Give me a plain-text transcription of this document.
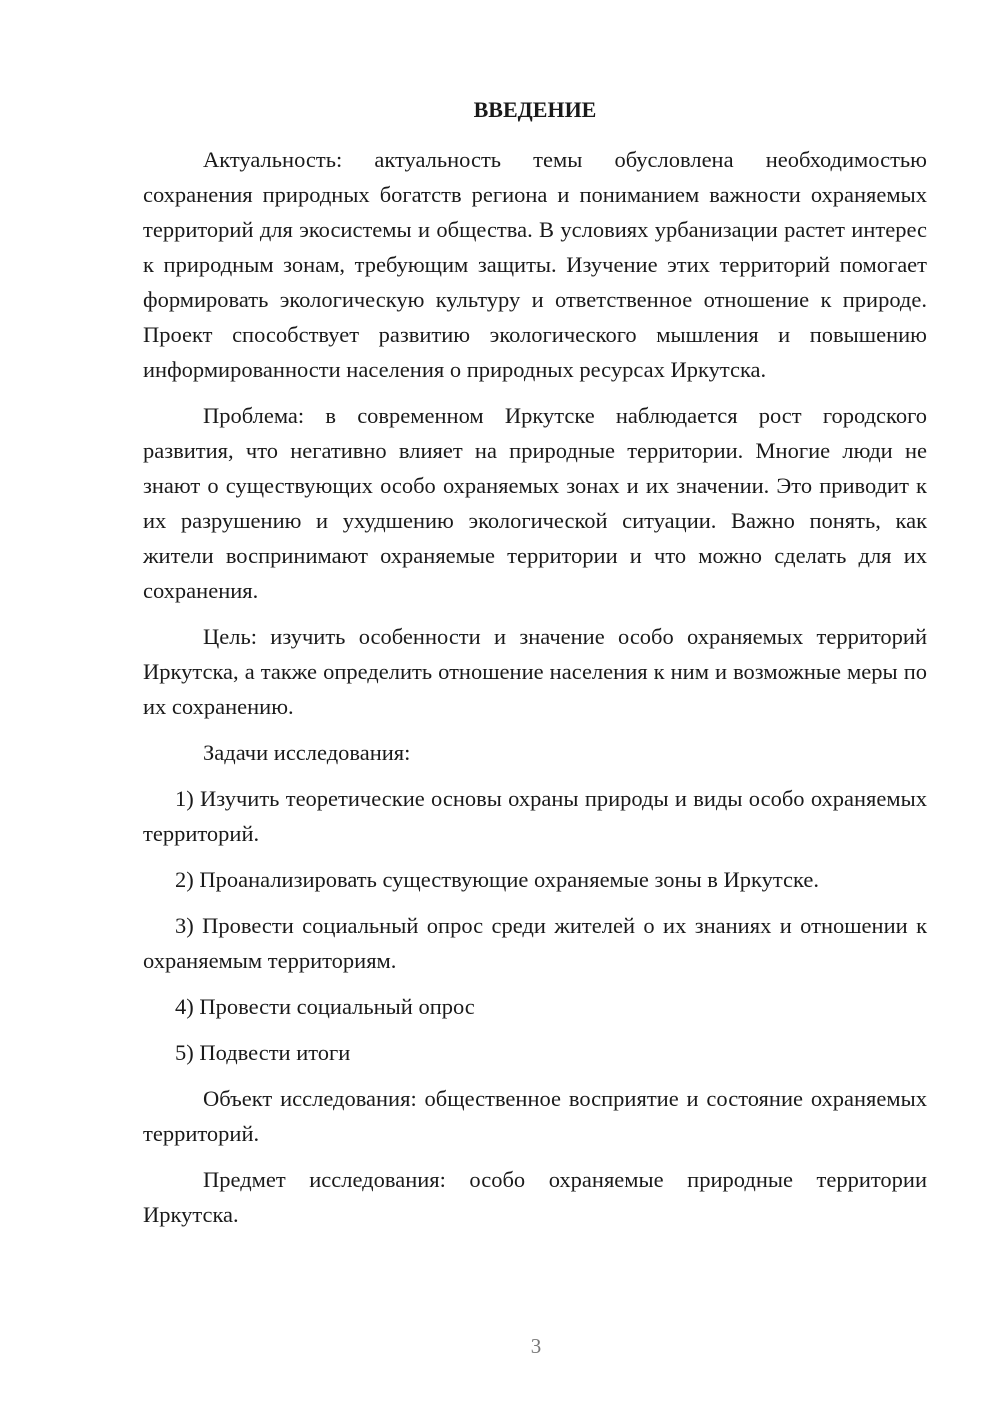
ВВЕДЕНИЕ

Актуальность: актуальность темы обусловлена необходимостью сохранения природных богатств региона и пониманием важности охраняемых территорий для экосистемы и общества. В условиях урбанизации растет интерес к природным зонам, требующим защиты. Изучение этих территорий помогает формировать экологическую культуру и ответственное отношение к природе. Проект способствует развитию экологического мышления и повышению информированности населения о природных ресурсах Иркутска.

Проблема: в современном Иркутске наблюдается рост городского развития, что негативно влияет на природные территории. Многие люди не знают о существующих особо охраняемых зонах и их значении. Это приводит к их разрушению и ухудшению экологической ситуации. Важно понять, как жители воспринимают охраняемые территории и что можно сделать для их сохранения.

Цель: изучить особенности и значение особо охраняемых территорий Иркутска, а также определить отношение населения к ним и возможные меры по их сохранению.

Задачи исследования:

1) Изучить теоретические основы охраны природы и виды особо охраняемых территорий.

2) Проанализировать существующие охраняемые зоны в Иркутске.

3) Провести социальный опрос среди жителей о их знаниях и отношении к охраняемым территориям.

4) Провести социальный опрос

5) Подвести итоги

Объект исследования: общественное восприятие и состояние охраняемых территорий.

Предмет исследования: особо охраняемые природные территории Иркутска.

3
